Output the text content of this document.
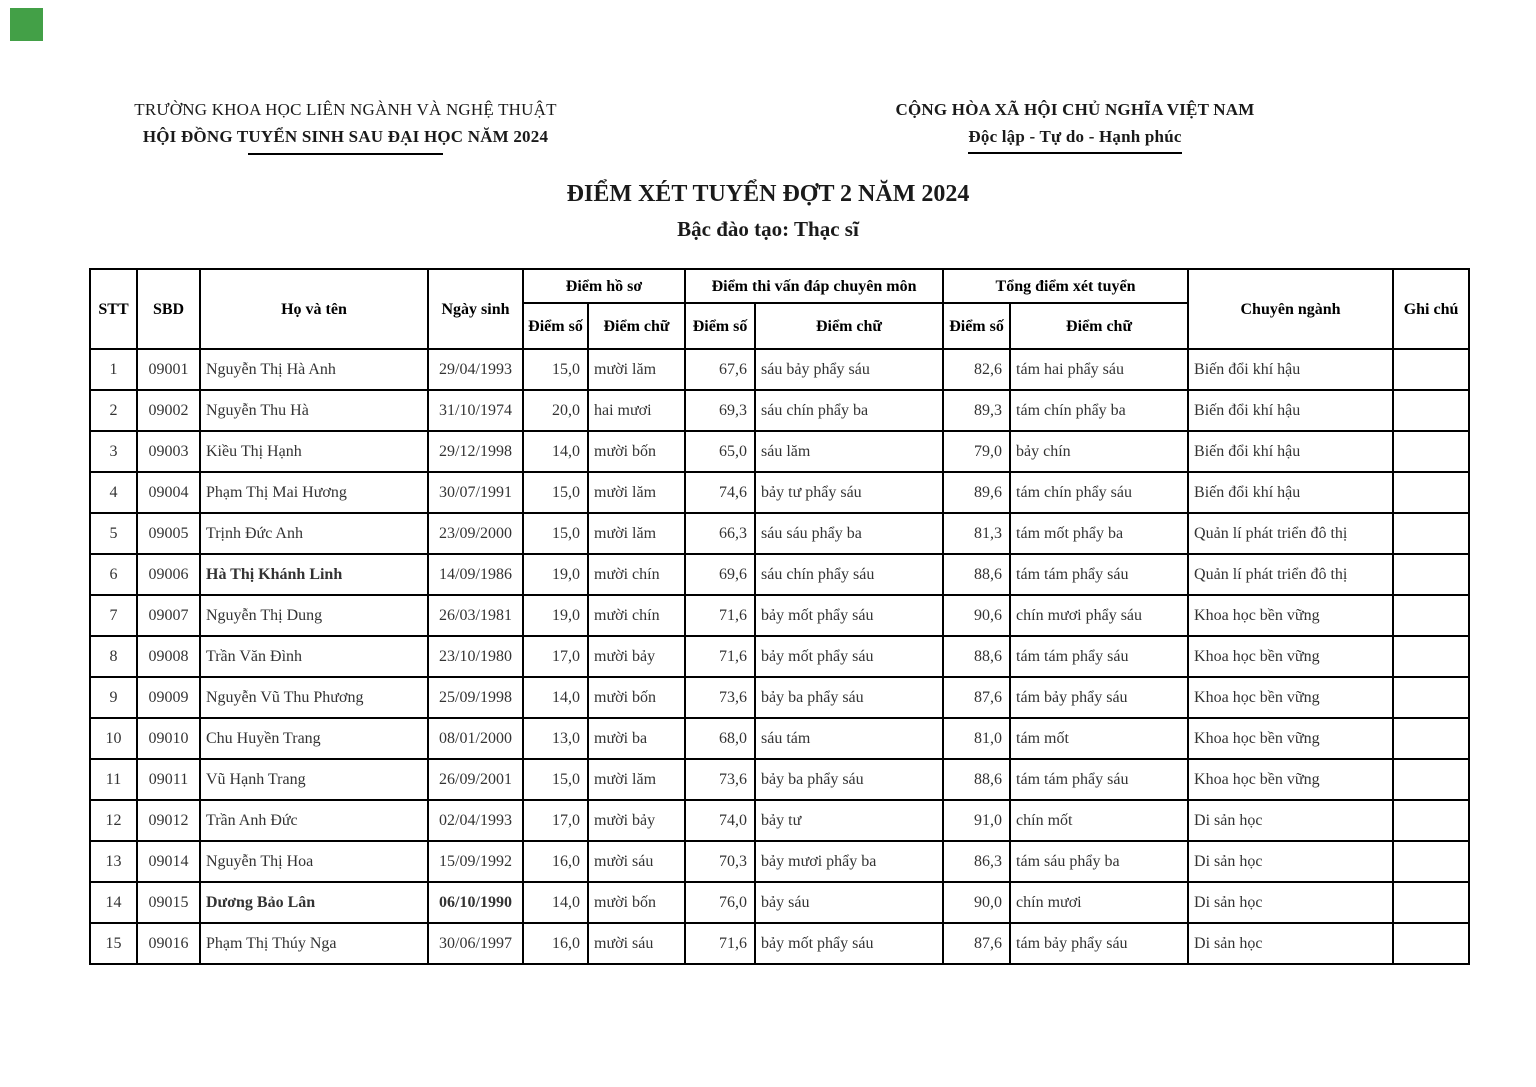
TRƯỜNG KHOA HỌC LIÊN NGÀNH VÀ NGHỆ THUẬT
HỘI ĐỒNG TUYỂN SINH SAU ĐẠI HỌC NĂM 2024
CỘNG HÒA XÃ HỘI CHỦ NGHĨA VIỆT NAM
Độc lập - Tự do - Hạnh phúc
ĐIỂM XÉT TUYỂN ĐỢT 2 NĂM 2024
Bậc đào tạo: Thạc sĩ
STT	SBD	Họ và tên	Ngày sinh	Điểm hồ sơ		Điểm thi vấn đáp chuyên môn		Tổng điểm xét tuyển		Chuyên ngành	Ghi chú
				Điểm số	Điểm chữ	Điểm số	Điểm chữ	Điểm số	Điểm chữ		
1	09001	Nguyễn Thị Hà Anh	29/04/1993	15,0	mười lăm	67,6	sáu bảy phẩy sáu	82,6	tám hai phẩy sáu	Biến đổi khí hậu	
2	09002	Nguyễn Thu Hà	31/10/1974	20,0	hai mươi	69,3	sáu chín phẩy ba	89,3	tám chín phẩy ba	Biến đổi khí hậu	
3	09003	Kiều Thị Hạnh	29/12/1998	14,0	mười bốn	65,0	sáu lăm	79,0	bảy chín	Biến đổi khí hậu	
4	09004	Phạm Thị Mai Hương	30/07/1991	15,0	mười lăm	74,6	bảy tư phẩy sáu	89,6	tám chín phẩy sáu	Biến đổi khí hậu	
5	09005	Trịnh Đức Anh	23/09/2000	15,0	mười lăm	66,3	sáu sáu phẩy ba	81,3	tám mốt phẩy ba	Quản lí phát triển đô thị	
6	09006	Hà Thị Khánh Linh	14/09/1986	19,0	mười chín	69,6	sáu chín phẩy sáu	88,6	tám tám phẩy sáu	Quản lí phát triển đô thị	
7	09007	Nguyễn Thị Dung	26/03/1981	19,0	mười chín	71,6	bảy mốt phẩy sáu	90,6	chín mươi phẩy sáu	Khoa học bền vững	
8	09008	Trần Văn Đình	23/10/1980	17,0	mười bảy	71,6	bảy mốt phẩy sáu	88,6	tám tám phẩy sáu	Khoa học bền vững	
9	09009	Nguyễn Vũ Thu Phương	25/09/1998	14,0	mười bốn	73,6	bảy ba phẩy sáu	87,6	tám bảy phẩy sáu	Khoa học bền vững	
10	09010	Chu Huyền Trang	08/01/2000	13,0	mười ba	68,0	sáu tám	81,0	tám mốt	Khoa học bền vững	
11	09011	Vũ Hạnh Trang	26/09/2001	15,0	mười lăm	73,6	bảy ba phẩy sáu	88,6	tám tám phẩy sáu	Khoa học bền vững	
12	09012	Trần Anh Đức	02/04/1993	17,0	mười bảy	74,0	bảy tư	91,0	chín mốt	Di sản học	
13	09014	Nguyễn Thị Hoa	15/09/1992	16,0	mười sáu	70,3	bảy mươi phẩy ba	86,3	tám sáu phẩy ba	Di sản học	
14	09015	Dương Bảo Lân	06/10/1990	14,0	mười bốn	76,0	bảy sáu	90,0	chín mươi	Di sản học	
15	09016	Phạm Thị Thúy Nga	30/06/1997	16,0	mười sáu	71,6	bảy mốt phẩy sáu	87,6	tám bảy phẩy sáu	Di sản học	
